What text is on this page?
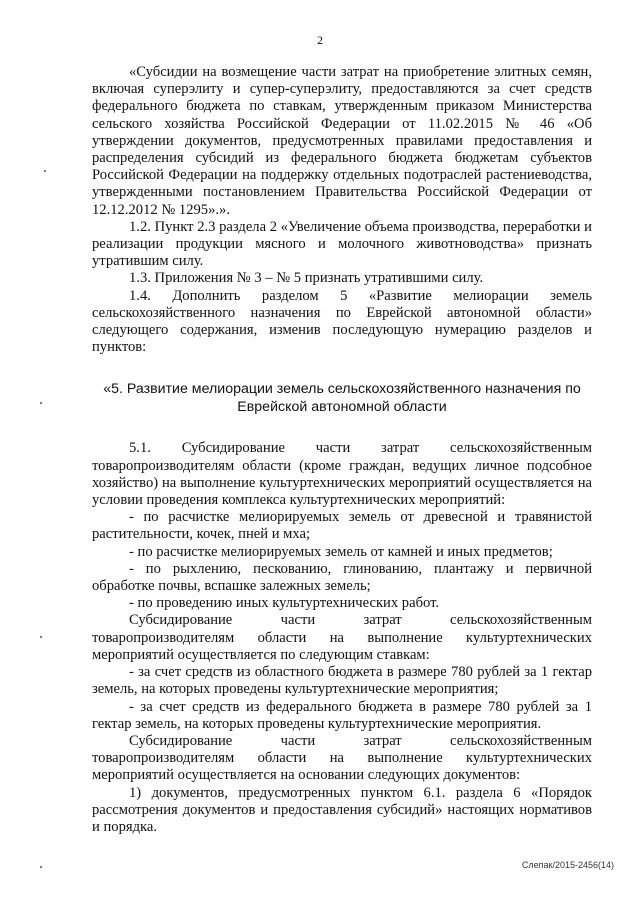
2

«Субсидии на возмещение части затрат на приобретение элитных семян, включая суперэлиту и супер-суперэлиту, предоставляются за счет средств федерального бюджета по ставкам, утвержденным приказом Министерства сельского хозяйства Российской Федерации от 11.02.2015 № 46 «Об утверждении документов, предусмотренных правилами предоставления и распределения субсидий из федерального бюджета бюджетам субъектов Российской Федерации на поддержку отдельных подотраслей растениеводства, утвержденными постановлением Правительства Российской Федерации от 12.12.2012 № 1295».».

1.2. Пункт 2.3 раздела 2 «Увеличение объема производства, переработки и реализации продукции мясного и молочного животноводства» признать утратившим силу.

1.3. Приложения № 3 – № 5 признать утратившими силу.

1.4. Дополнить разделом 5 «Развитие мелиорации земель сельскохозяйственного назначения по Еврейской автономной области» следующего содержания, изменив последующую нумерацию разделов и пунктов:

«5. Развитие мелиорации земель сельскохозяйственного назначения по Еврейской автономной области

5.1. Субсидирование части затрат сельскохозяйственным товаропроизводителям области (кроме граждан, ведущих личное подсобное хозяйство) на выполнение культуртехнических мероприятий осуществляется на условии проведения комплекса культуртехнических мероприятий:

- по расчистке мелиорируемых земель от древесной и травянистой растительности, кочек, пней и мха;

- по расчистке мелиорируемых земель от камней и иных предметов;

- по рыхлению, пескованию, глинованию, плантажу и первичной обработке почвы, вспашке залежных земель;

- по проведению иных культуртехнических работ.

Субсидирование части затрат сельскохозяйственным товаропроизводителям области на выполнение культуртехнических мероприятий осуществляется по следующим ставкам:

- за счет средств из областного бюджета в размере 780 рублей за 1 гектар земель, на которых проведены культуртехнические мероприятия;

- за счет средств из федерального бюджета в размере 780 рублей за 1 гектар земель, на которых проведены культуртехнические мероприятия.

Субсидирование части затрат сельскохозяйственным товаропроизводителям области на выполнение культуртехнических мероприятий осуществляется на основании следующих документов:

1) документов, предусмотренных пунктом 6.1. раздела 6 «Порядок рассмотрения документов и предоставления субсидий» настоящих нормативов и порядка.

Слепак/2015-2456(14)
